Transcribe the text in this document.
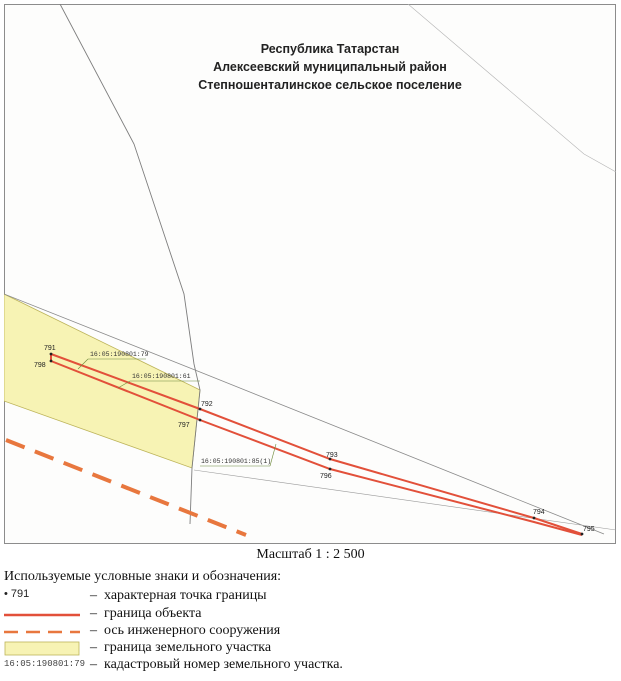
791
798
792
797
793
796
794
795
16:05:190801:79
16:05:190801:61
16:05:190801:85(1)
Республика Татарстан
Алексеевский муниципальный район
Степношенталинское сельское поселение
Масштаб 1 : 2 500
Используемые условные знаки и обозначения:
• 791	– характерная точка границы
– граница объекта
– ось инженерного сооружения
– граница земельного участка
16:05:190801:79 – кадастровый номер земельного участка.
